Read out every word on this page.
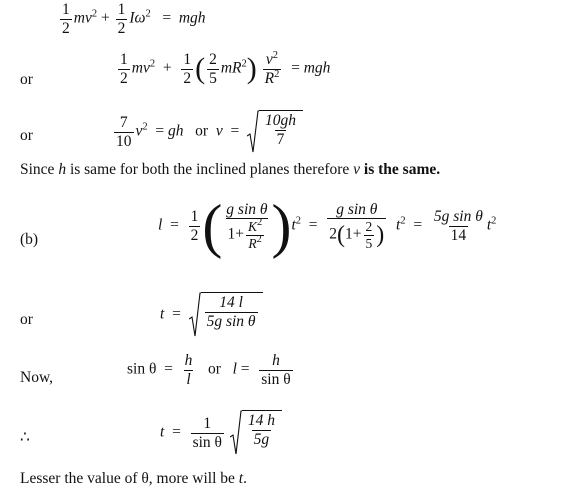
$\frac{1}{2} mv^2 + \frac{1}{2} I\omega^2$ = mgh
or	$\frac{1}{2} mv^2 + \frac{1}{2}$ ( $\frac{2}{5} mR^2) \frac{v^2}{R^2}$ = mgh
or	$\frac{7}{10} v^2$ = gh or $v = \frac{10gh}{7}$
Since h is same for both the inclined planes therefore v is the same.
(b)
$l = \frac{1}{2}$ ( $\frac{\text{g sin θ}}{1+ \frac{K^2}{R^2}} )t^2 = \frac{\text{g sin θ}}{2(1+ \frac{2}{5} )} t^2 = \frac{\text{5g sin θ}}{14} t^2$
or	$t = \frac{14 l}{\text{5g sin θ}}$
Now,	$\sin \theta = \frac{h}{l}$ or $l = \frac{h}{\text{sin θ}}$
∴	$t = \frac{1}{\text{sin θ}}$
$\frac{14 h}{5g}$
Lesser the value of θ, more will be t.
